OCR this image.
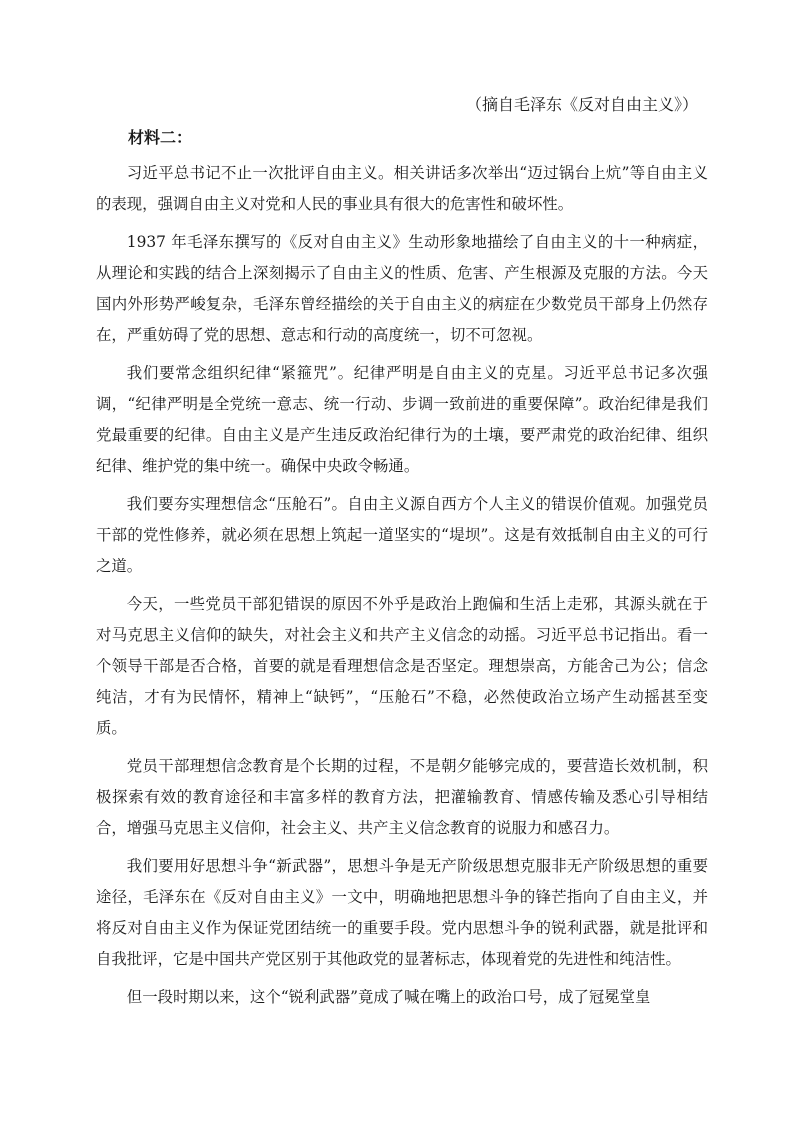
（摘自毛泽东《反对自由主义》）
材料二：

习近平总书记不止一次批评自由主义。相关讲话多次举出“迈过锅台上炕”等自由主义的表现，强调自由主义对党和人民的事业具有很大的危害性和破坏性。

1937 年毛泽东撰写的《反对自由主义》生动形象地描绘了自由主义的十一种病症，从理论和实践的结合上深刻揭示了自由主义的性质、危害、产生根源及克服的方法。今天国内外形势严峻复杂，毛泽东曾经描绘的关于自由主义的病症在少数党员干部身上仍然存在，严重妨碍了党的思想、意志和行动的高度统一，切不可忽视。

我们要常念组织纪律“紧箍咒”。纪律严明是自由主义的克星。习近平总书记多次强调，“纪律严明是全党统一意志、统一行动、步调一致前进的重要保障”。政治纪律是我们党最重要的纪律。自由主义是产生违反政治纪律行为的土壤，要严肃党的政治纪律、组织纪律、维护党的集中统一。确保中央政令畅通。

我们要夯实理想信念“压舱石”。自由主义源自西方个人主义的错误价值观。加强党员干部的党性修养，就必须在思想上筑起一道坚实的“堤坝”。这是有效抵制自由主义的可行之道。

今天，一些党员干部犯错误的原因不外乎是政治上跑偏和生活上走邪，其源头就在于对马克思主义信仰的缺失，对社会主义和共产主义信念的动摇。习近平总书记指出。看一个领导干部是否合格，首要的就是看理想信念是否坚定。理想崇高，方能舍己为公；信念纯洁，才有为民情怀，精神上“缺钙”，“压舱石”不稳，必然使政治立场产生动摇甚至变质。

党员干部理想信念教育是个长期的过程，不是朝夕能够完成的，要营造长效机制，积极探索有效的教育途径和丰富多样的教育方法，把灌输教育、情感传输及悉心引导相结合，增强马克思主义信仰，社会主义、共产主义信念教育的说服力和感召力。

我们要用好思想斗争“新武器”，思想斗争是无产阶级思想克服非无产阶级思想的重要途径，毛泽东在《反对自由主义》一文中，明确地把思想斗争的锋芒指向了自由主义，并将反对自由主义作为保证党团结统一的重要手段。党内思想斗争的锐利武器，就是批评和自我批评，它是中国共产党区别于其他政党的显著标志，体现着党的先进性和纯洁性。

但一段时期以来，这个“锐利武器”竟成了喊在嘴上的政治口号，成了冠冕堂皇
